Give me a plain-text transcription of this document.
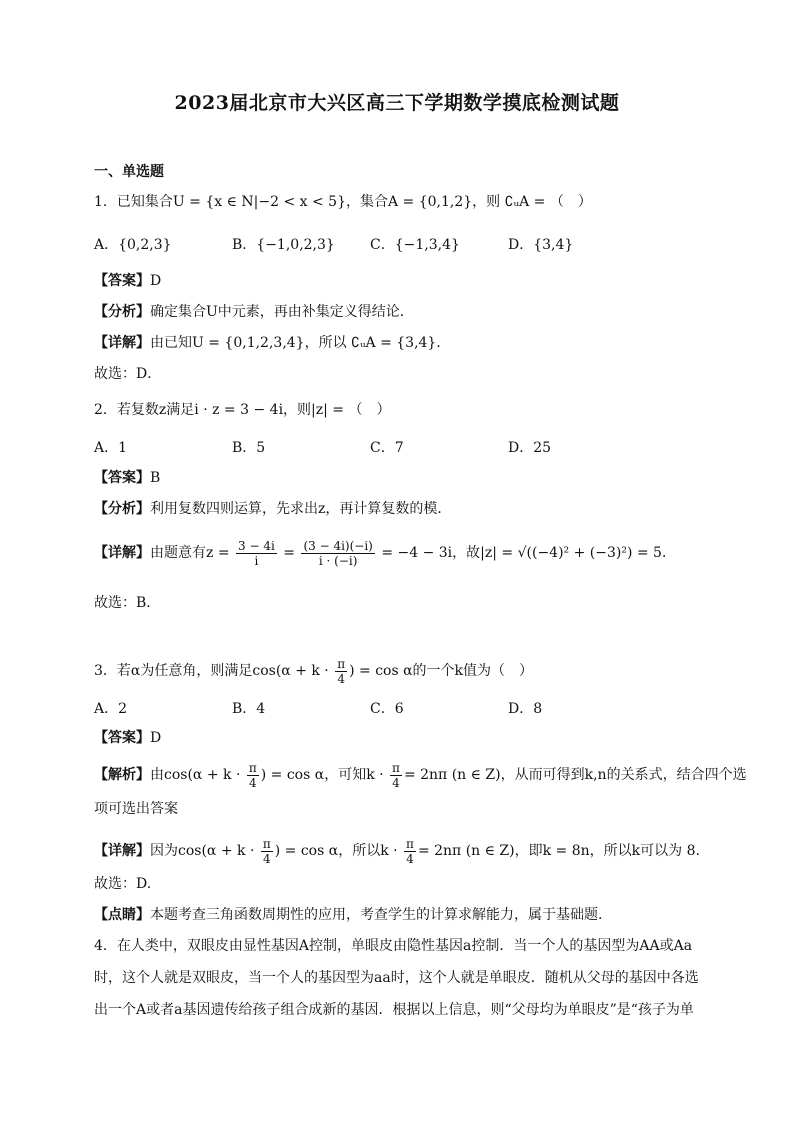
2023届北京市大兴区高三下学期数学摸底检测试题
一、单选题
1．已知集合U = {x ∈ N|−2 < x < 5}，集合A = {0,1,2}，则 ∁ᵤA = （　）
A．{0,2,3}	B．{−1,0,2,3}	C．{−1,3,4}	D．{3,4}
【答案】D
【分析】确定集合U中元素，再由补集定义得结论．
【详解】由已知U = {0,1,2,3,4}，所以 ∁ᵤA = {3,4}．
故选：D．
2．若复数z满足i · z = 3 − 4i，则|z| = （　）
A．1	B．5	C．7	D．25
【答案】B
【分析】利用复数四则运算，先求出z，再计算复数的模．
【详解】由题意有$z = \frac{3 - 4i}{i} = \frac{(3 - 4i)(-i)}{i \cdot (-i)} = -4 - 3i$，故|z| = √((−4)² + (−3)²) = 5．
故选：B．
3．若α为任意角，则满足$\cos(\alpha + k \cdot \frac{\pi}{4}$ ) = cos α的一个k值为（　）
A．2	B．4	C．6	D．8
【答案】D
【解析】由$\cos(\alpha + k \cdot \frac{\pi}{4}$ ) = cos α，可知$k \cdot \frac{\pi}{4} = 2n\pi$ (n ∈ Z)，从而可得到k,n的关系式，结合四个选
项可选出答案
【详解】因为$\cos(\alpha + k \cdot \frac{\pi}{4}$ ) = cos α，所以$k \cdot \frac{\pi}{4} = 2n\pi$ (n ∈ Z)，即k = 8n，所以k可以为 8.
故选：D.
【点睛】本题考查三角函数周期性的应用，考查学生的计算求解能力，属于基础题.
4．在人类中，双眼皮由显性基因A控制，单眼皮由隐性基因a控制．当一个人的基因型为AA或Aa
时，这个人就是双眼皮，当一个人的基因型为aa时，这个人就是单眼皮．随机从父母的基因中各选
出一个A或者a基因遗传给孩子组合成新的基因．根据以上信息，则“父母均为单眼皮”是“孩子为单
